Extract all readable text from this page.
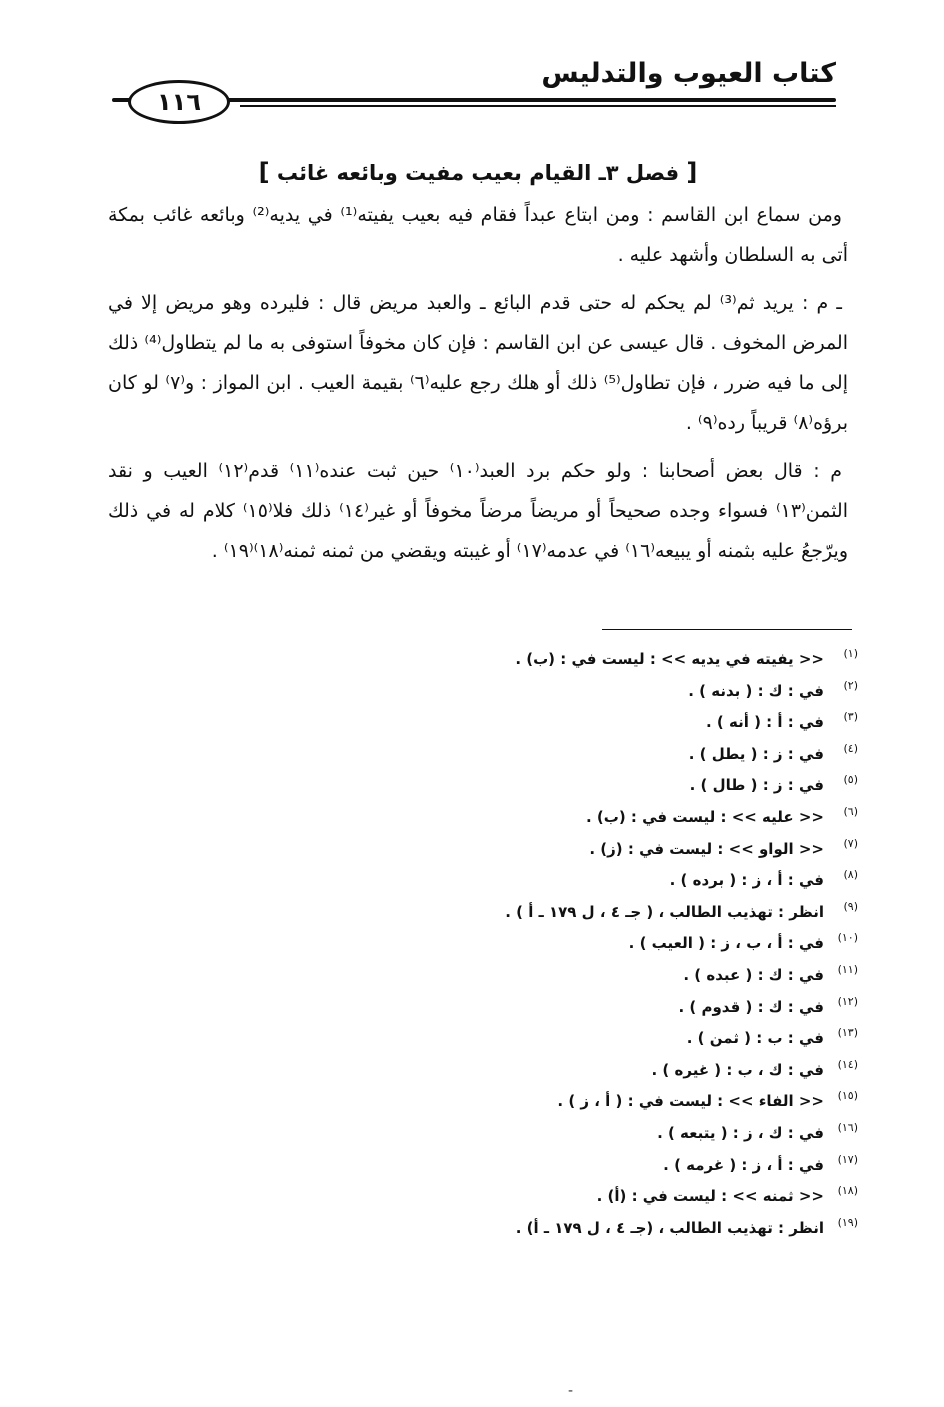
كتاب العيوب والتدليس
١١٦
[ فصل ٣ـ القيام بعيب مفيت وبائعه غائب ]

ومن سماع ابن القاسم : ومن ابتاع عبداً فقام فيه بعيب يفيته⁽¹⁾ في يديه⁽²⁾ وبائعه غائب بمكة أتى به السلطان وأشهد عليه .

ـ م : يريد ثم⁽³⁾ لم يحكم له حتى قدم البائع ـ والعبد مريض قال : فليرده وهو مريض إلا في المرض المخوف . قال عيسى عن ابن القاسم : فإن كان مخوفاً استوفى به ما لم يتطاول⁽⁴⁾ ذلك إلى ما فيه ضرر ، فإن تطاول⁽⁵⁾ ذلك أو هلك رجع عليه⁽٦⁾ بقيمة العيب . ابن المواز : و⁽٧⁾ لو كان برؤه⁽٨⁾ قريباً رده⁽٩⁾ .

م : قال بعض أصحابنا : ولو حكم برد العبد⁽١٠⁾ حين ثبت عنده⁽١١⁾ قدم⁽١٢⁾ العيب و نقد الثمن⁽١٣⁾ فسواء وجده صحيحاً أو مريضاً مرضاً مخوفاً أو غير⁽١٤⁾ ذلك فلا⁽١٥⁾ كلام له في ذلك ويرّجعُ عليه بثمنه أو يبيعه⁽١٦⁾ في عدمه⁽١٧⁾ أو غيبته ويقضي من ثمنه ثمنه⁽١٨⁾⁽١٩⁾ .

(١)
<< يفيته في يديه >> : ليست في : (ب) .
(٢)
في : ك : ( بدنه ) .
(٣)
في : أ : ( أنه ) .
(٤)
في : ز : ( يطل ) .
(٥)
في : ز : ( طال ) .
(٦)
<< عليه >> : ليست في : (ب) .
(٧)
<< الواو >> : ليست في : (ز) .
(٨)
في : أ ، ز : ( برده ) .
(٩)
انظر : تهذيب الطالب ، ( جـ ٤ ، ل ١٧٩ ـ أ ) .
(١٠)
في : أ ، ب ، ز : ( العيب ) .
(١١)
في : ك : ( عبده ) .
(١٢)
في : ك : ( قدوم ) .
(١٣)
في : ب : ( ثمن ) .
(١٤)
في : ك ، ب : ( غيره ) .
(١٥)
<< الفاء >> : ليست في : ( أ ، ز ) .
(١٦)
في : ك ، ز : ( يتبعه ) .
(١٧)
في : أ ، ز : ( غرمه ) .
(١٨)
<< ثمنه >> : ليست في : (أ) .
(١٩)
انظر : تهذيب الطالب ، (جـ ٤ ، ل ١٧٩ ـ أ) .
-
